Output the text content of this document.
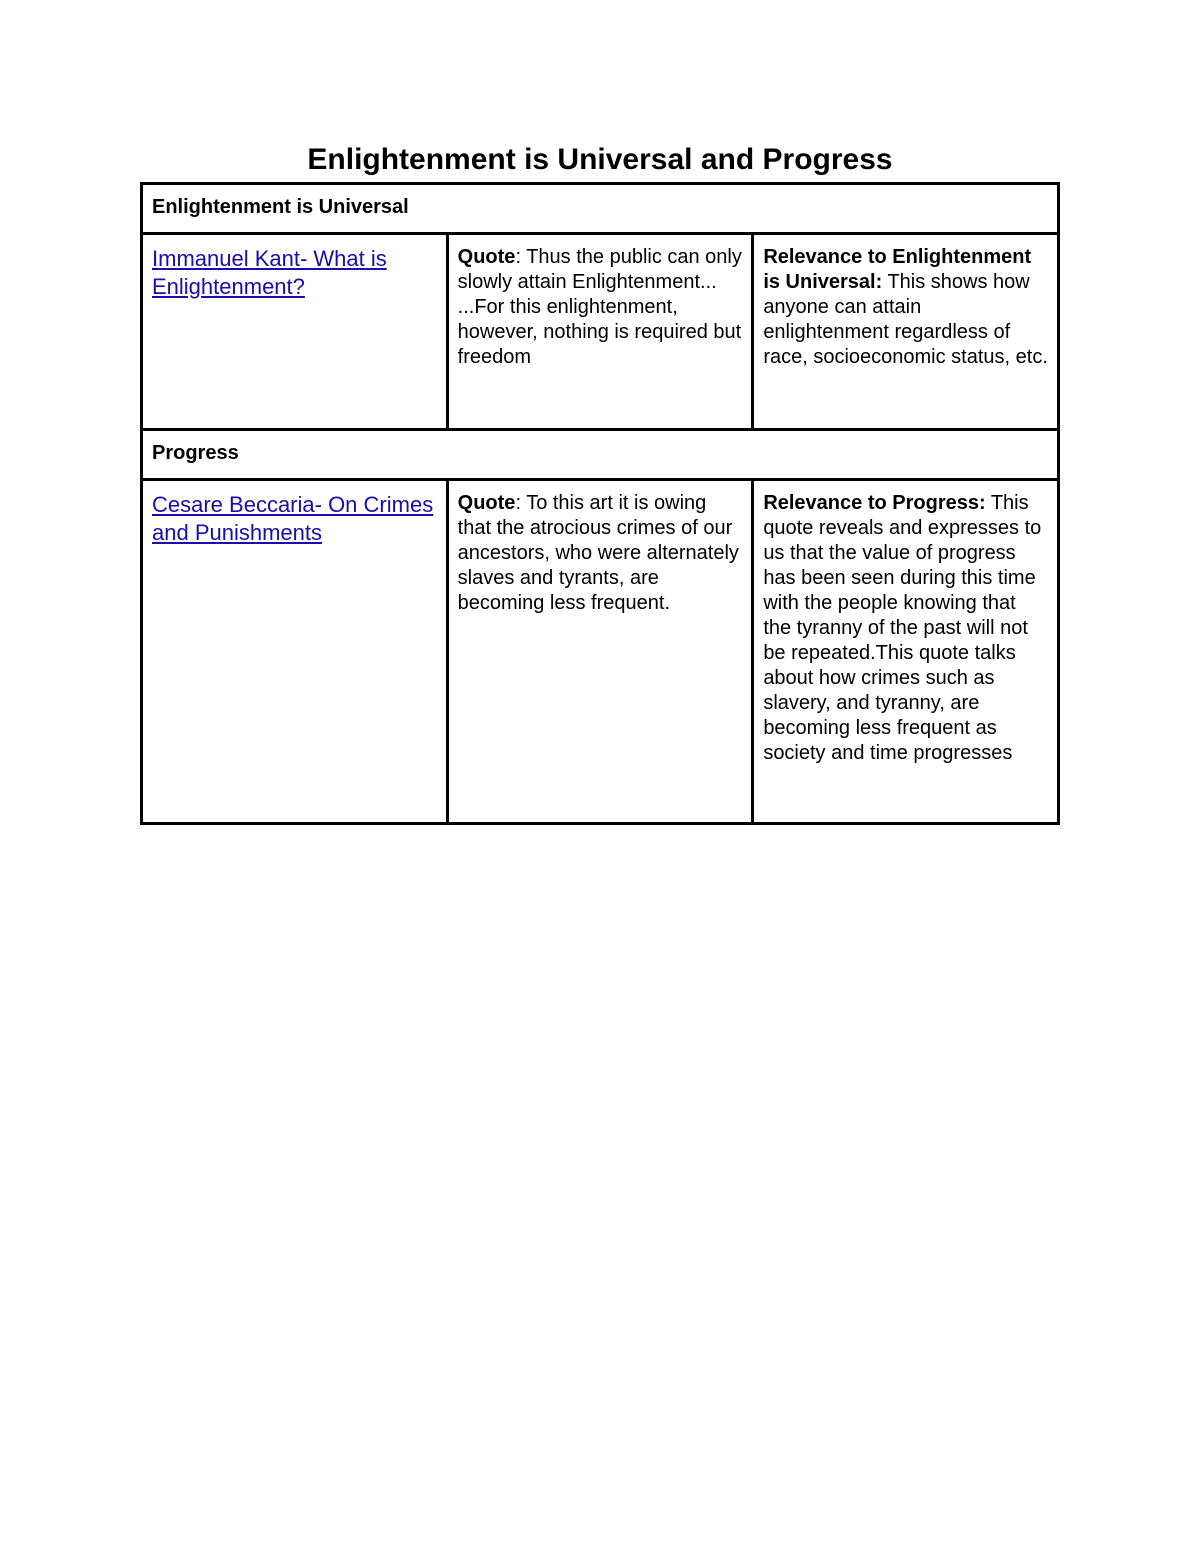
Enlightenment is Universal and Progress
Enlightenment is Universal		
Immanuel Kant- What is Enlightenment?	Quote: Thus the public can only slowly attain Enlightenment... ...For this enlightenment, however, nothing is required but freedom	Relevance to Enlightenment is Universal: This shows how anyone can attain enlightenment regardless of race, socioeconomic status, etc.
Progress		
Cesare Beccaria- On Crimes and Punishments	Quote: To this art it is owing that the atrocious crimes of our ancestors, who were alternately slaves and tyrants, are becoming less frequent.	Relevance to Progress: This quote reveals and expresses to us that the value of progress has been seen during this time with the people knowing that the tyranny of the past will not be repeated.This quote talks about how crimes such as slavery, and tyranny, are becoming less frequent as society and time progresses
